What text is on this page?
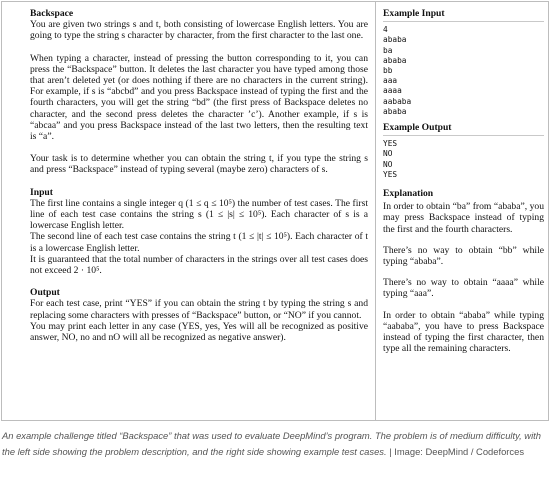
Backspace
You are given two strings s and t, both consisting of lowercase English letters. You are going to type the string s character by character, from the first character to the last one.
When typing a character, instead of pressing the button corresponding to it, you can press the “Backspace” button. It deletes the last character you have typed among those that aren’t deleted yet (or does nothing if there are no characters in the current string). For example, if s is “abcbd” and you press Backspace instead of typing the first and the fourth characters, you will get the string “bd” (the first press of Backspace deletes no character, and the second press deletes the character ’c’). Another example, if s is “abcaa” and you press Backspace instead of the last two letters, then the resulting text is “a”.
Your task is to determine whether you can obtain the string t, if you type the string s and press “Backspace” instead of typing several (maybe zero) characters of s.
Input
The first line contains a single integer q (1 ≤ q ≤ 10⁵) the number of test cases. The first line of each test case contains the string s (1 ≤ |s| ≤ 10⁵). Each character of s is a lowercase English letter.
The second line of each test case contains the string t (1 ≤ |t| ≤ 10⁵). Each character of t is a lowercase English letter.
It is guaranteed that the total number of characters in the strings over all test cases does not exceed 2 · 10⁵.
Output
For each test case, print “YES” if you can obtain the string t by typing the string s and replacing some characters with presses of “Backspace” button, or “NO” if you cannot.
You may print each letter in any case (YES, yes, Yes will all be recognized as positive answer, NO, no and nO will all be recognized as negative answer).
Example Input
4
ababa
ba
ababa
bb
aaa
aaaa
aababa
ababa
Example Output
YES
NO
NO
YES
Explanation
In order to obtain “ba” from “ababa”, you may press Backspace instead of typing the first and the fourth characters.
There’s no way to obtain “bb” while typing “ababa”.
There’s no way to obtain “aaaa” while typing “aaa”.
In order to obtain “ababa” while typing “aababa”, you have to press Backspace instead of typing the first character, then type all the remaining characters.
An example challenge titled “Backspace” that was used to evaluate DeepMind’s program. The problem is of medium difficulty, with the left side showing the problem description, and the right side showing example test cases. | Image: DeepMind / Codeforces
